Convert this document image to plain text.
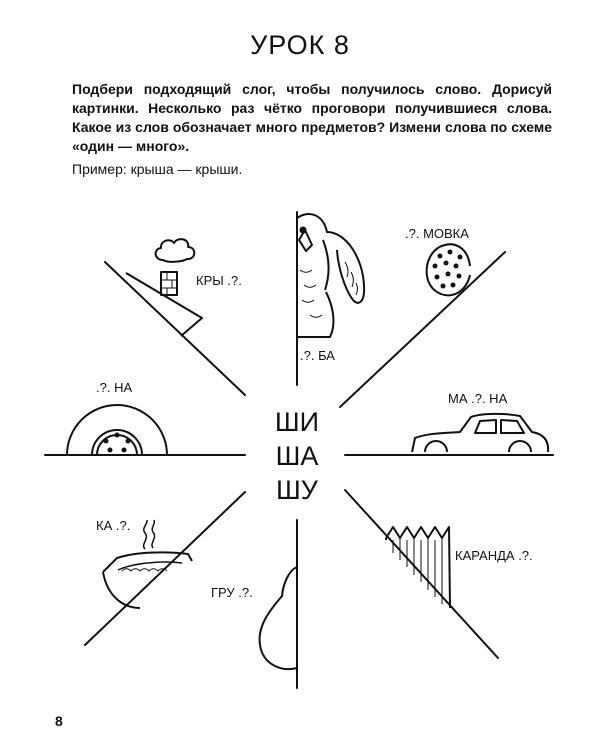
УРОК 8
Подбери подходящий слог, чтобы получилось слово. Дорисуй картинки. Несколько раз чётко проговори получившиеся слова. Какое из слов обозначает много предметов? Измени слова по схеме «один — много».
Пример: крыша — крыши.
ШИ
ША
ШУ
КРЫ .?.
.?. БА
.?. МОВКА
.?. НА
МА .?. НА
КА .?.
ГРУ .?.
КАРАНДА .?.
8
